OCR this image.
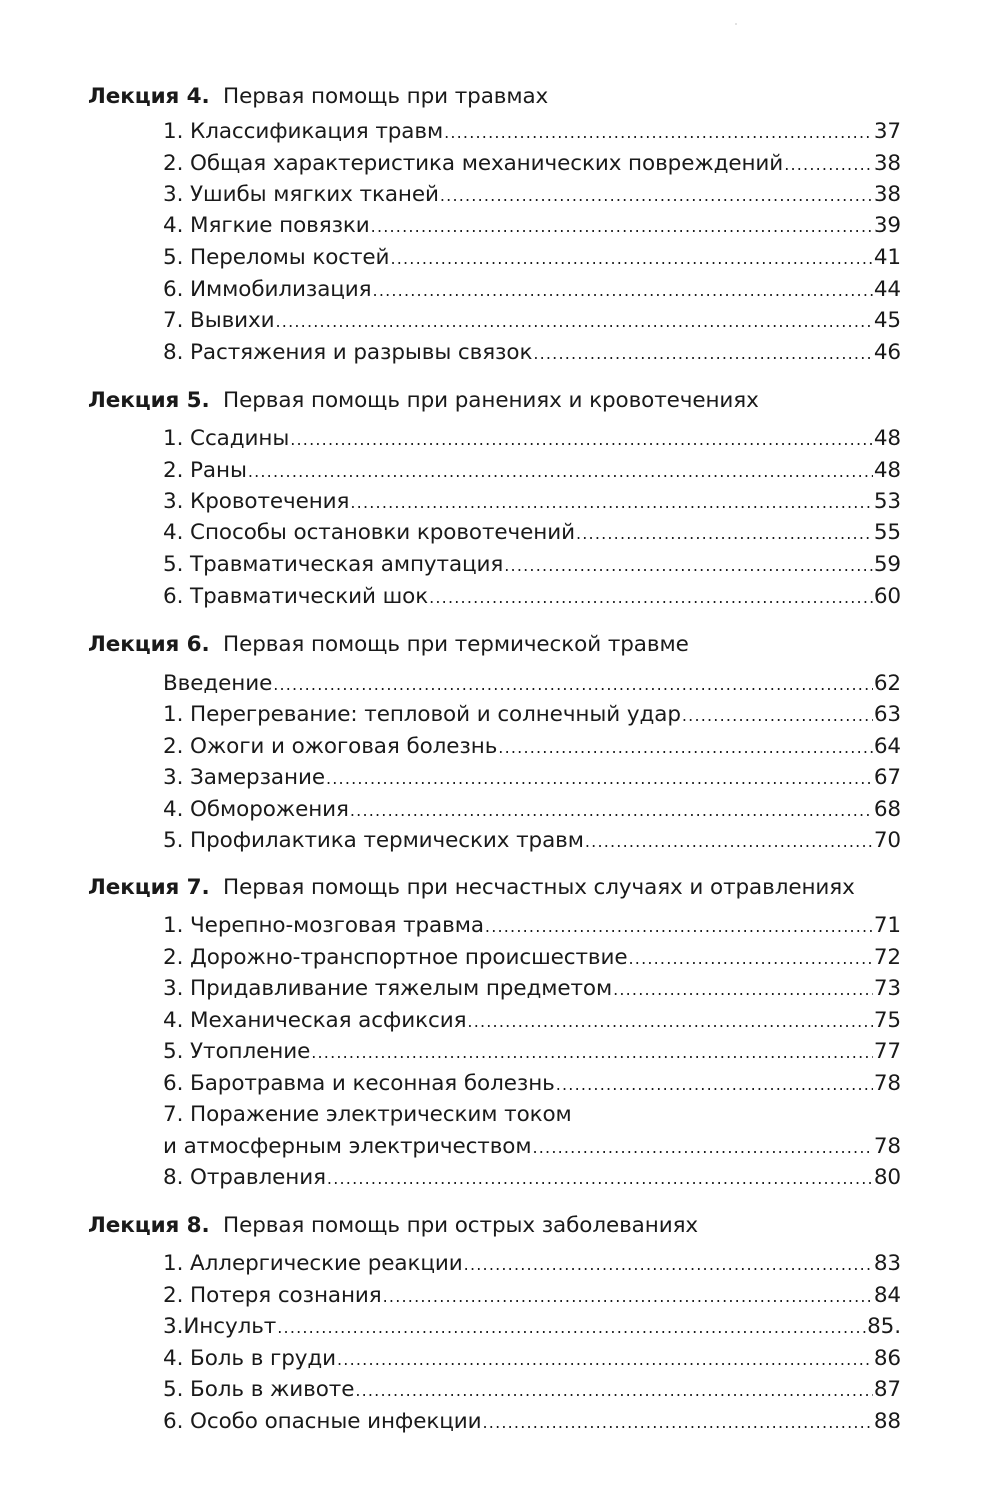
Лекция 4. Первая помощь при травмах
1. Классификация травм .....	37
2. Общая характеристика механических повреждений .....	38
3. Ушибы мягких тканей .....	38
4. Мягкие повязки .....	39
5. Переломы костей .....	41
6. Иммобилизация .....	44
7. Вывихи .....	45
8. Растяжения и разрывы связок .....	46
Лекция 5. Первая помощь при ранениях и кровотечениях
1. Ссадины .....	48
2. Раны .....	48
3. Кровотечения .....	53
4. Способы остановки кровотечений .....	55
5. Травматическая ампутация .....	59
6. Травматический шок .....	60
Лекция 6. Первая помощь при термической травме
Введение .....	62
1. Перегревание: тепловой и солнечный удар .....	63
2. Ожоги и ожоговая болезнь .....	64
3. Замерзание .....	67
4. Обморожения .....	68
5. Профилактика термических травм .....	70
Лекция 7. Первая помощь при несчастных случаях и отравлениях
1. Черепно-мозговая травма .....	71
2. Дорожно-транспортное происшествие .....	72
3. Придавливание тяжелым предметом .....	73
4. Механическая асфиксия .....	75
5. Утопление .....	77
6. Баротравма и кесонная болезнь .....	78
7. Поражение электрическим током
и атмосферным электричеством .....	78
8. Отравления .....	80
Лекция 8. Первая помощь при острых заболеваниях
1. Аллергические реакции .....	83
2. Потеря сознания .....	84
3.Инсульт .....	85.
4. Боль в груди .....	86
5. Боль в животе .....	87
6. Особо опасные инфекции .....	88
